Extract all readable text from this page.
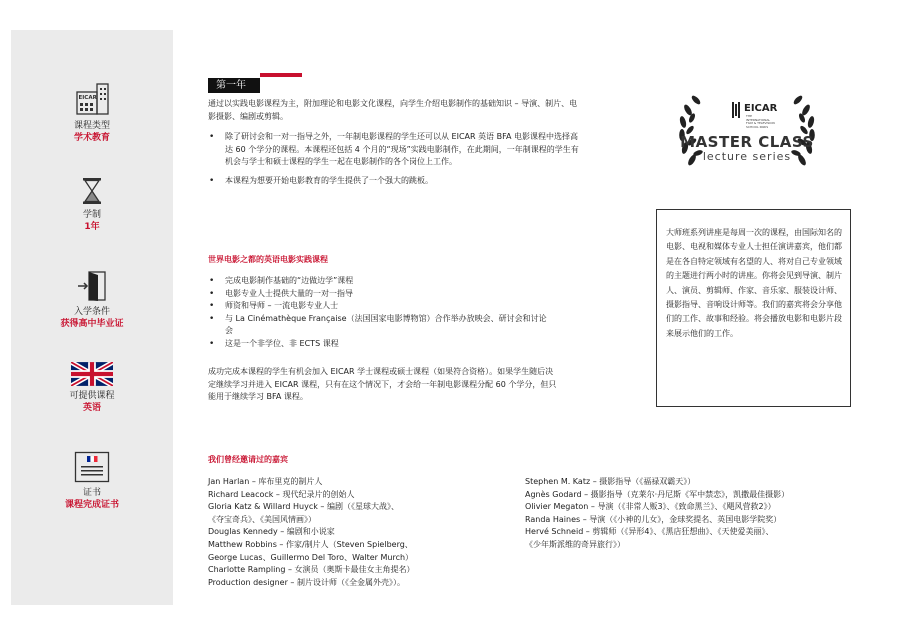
EICAR
课程类型
学术教育
学制
1年
入学条件
获得高中毕业证
可提供课程
英语
证书
课程完成证书
第一年
通过以实践电影课程为主，附加理论和电影文化课程，向学生介绍电影制作的基础知识 – 导演、制片、电影摄影、编剧或剪辑。
• 除了研讨会和一对一指导之外，一年制电影课程的学生还可以从 EICAR 英语 BFA 电影课程中选择高达 60 个学分的课程。本课程还包括 4 个月的“现场”实践电影制作，在此期间，一年制课程的学生有机会与学士和硕士课程的学生一起在电影制作的各个岗位上工作。
• 本课程为想要开始电影教育的学生提供了一个强大的跳板。
世界电影之都的英语电影实践课程
• 完成电影制作基础的“边做边学”课程
• 电影专业人士提供大量的一对一指导
• 师资和导师 – 一流电影专业人士
• 与 La Cinémathèque Française（法国国家电影博物馆）合作举办放映会、研讨会和讨论会
• 这是一个非学位、非 ECTS 课程
成功完成本课程的学生有机会加入 EICAR 学士课程或硕士课程（如果符合资格）。如果学生随后决定继续学习并进入 EICAR 课程，只有在这个情况下，才会给一年制电影课程分配 60 个学分，但只能用于继续学习 BFA 课程。
我们曾经邀请过的嘉宾
Jan Harlan – 库布里克的制片人
Richard Leacock – 现代纪录片的创始人
Gloria Katz & Willard Huyck – 编剧（《星球大战》、
《夺宝奇兵》、《美国风情画》）
Douglas Kennedy – 编剧和小说家
Matthew Robbins – 作家/制片人（Steven Spielberg、
George Lucas、Guillermo Del Toro、Walter Murch）
Charlotte Rampling – 女演员（奥斯卡最佳女主角提名）
Production designer – 制片设计师（《全金属外壳》）。
Stephen M. Katz – 摄影指导（《福禄双霸天》）
Agnès Godard – 摄影指导（克莱尔·丹尼斯《军中禁恋》，凯撒最佳摄影）
Olivier Megaton – 导演（《非常人贩3》、《致命黑兰》、《飓风营救2》）
Randa Haines – 导演（《小神的儿女》，金球奖提名、英国电影学院奖）
Hervé Schneid – 剪辑师（《异形4》、《黑店狂想曲》、《天使爱美丽》、
《少年斯派维的奇异旅行》）
EICAR
THE INTERNATIONAL FILM & TELEVISION SCHOOL PARIS
MASTER CLASS
lecture series
大师班系列讲座是每周一次的课程，由国际知名的电影、电视和媒体专业人士担任演讲嘉宾，他们都是在各自特定领域有名望的人、将对自己专业领域的主题进行两小时的讲座。你将会见到导演、制片人、演员、剪辑师、作家、音乐家、服装设计师、摄影指导、音响设计师等。我们的嘉宾将会分享他们的工作、故事和经验。将会播放电影和电影片段来展示他们的工作。
